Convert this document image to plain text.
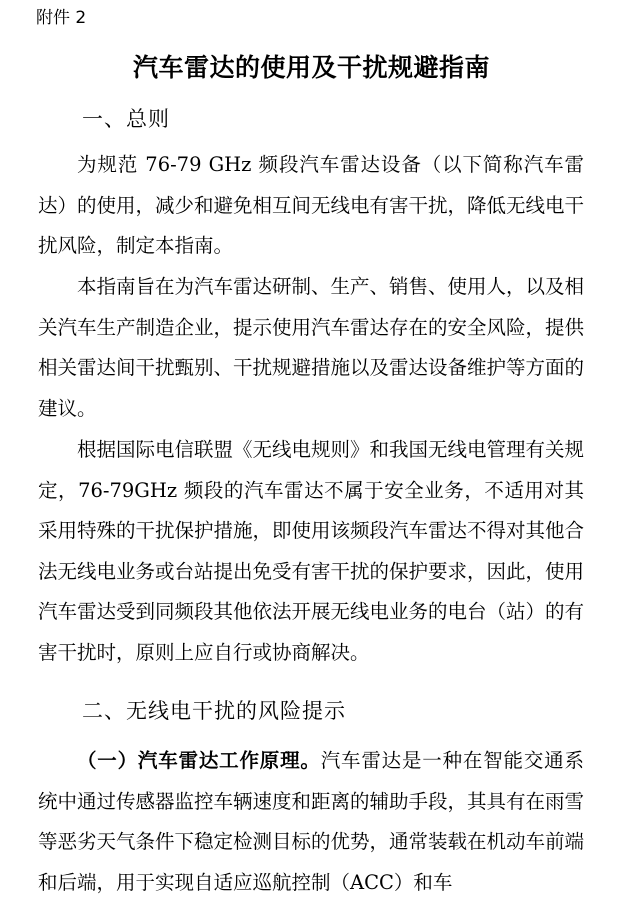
附件 2
汽车雷达的使用及干扰规避指南
一、总则

为规范 76-79 GHz 频段汽车雷达设备（以下简称汽车雷达）的使用，减少和避免相互间无线电有害干扰，降低无线电干扰风险，制定本指南。

本指南旨在为汽车雷达研制、生产、销售、使用人，以及相关汽车生产制造企业，提示使用汽车雷达存在的安全风险，提供相关雷达间干扰甄别、干扰规避措施以及雷达设备维护等方面的建议。

根据国际电信联盟《无线电规则》和我国无线电管理有关规定，76-79GHz 频段的汽车雷达不属于安全业务，不适用对其采用特殊的干扰保护措施，即使用该频段汽车雷达不得对其他合法无线电业务或台站提出免受有害干扰的保护要求，因此，使用汽车雷达受到同频段其他依法开展无线电业务的电台（站）的有害干扰时，原则上应自行或协商解决。

二、无线电干扰的风险提示

（一）汽车雷达工作原理。汽车雷达是一种在智能交通系统中通过传感器监控车辆速度和距离的辅助手段，其具有在雨雪等恶劣天气条件下稳定检测目标的优势，通常装载在机动车前端和后端，用于实现自适应巡航控制（ACC）和车
